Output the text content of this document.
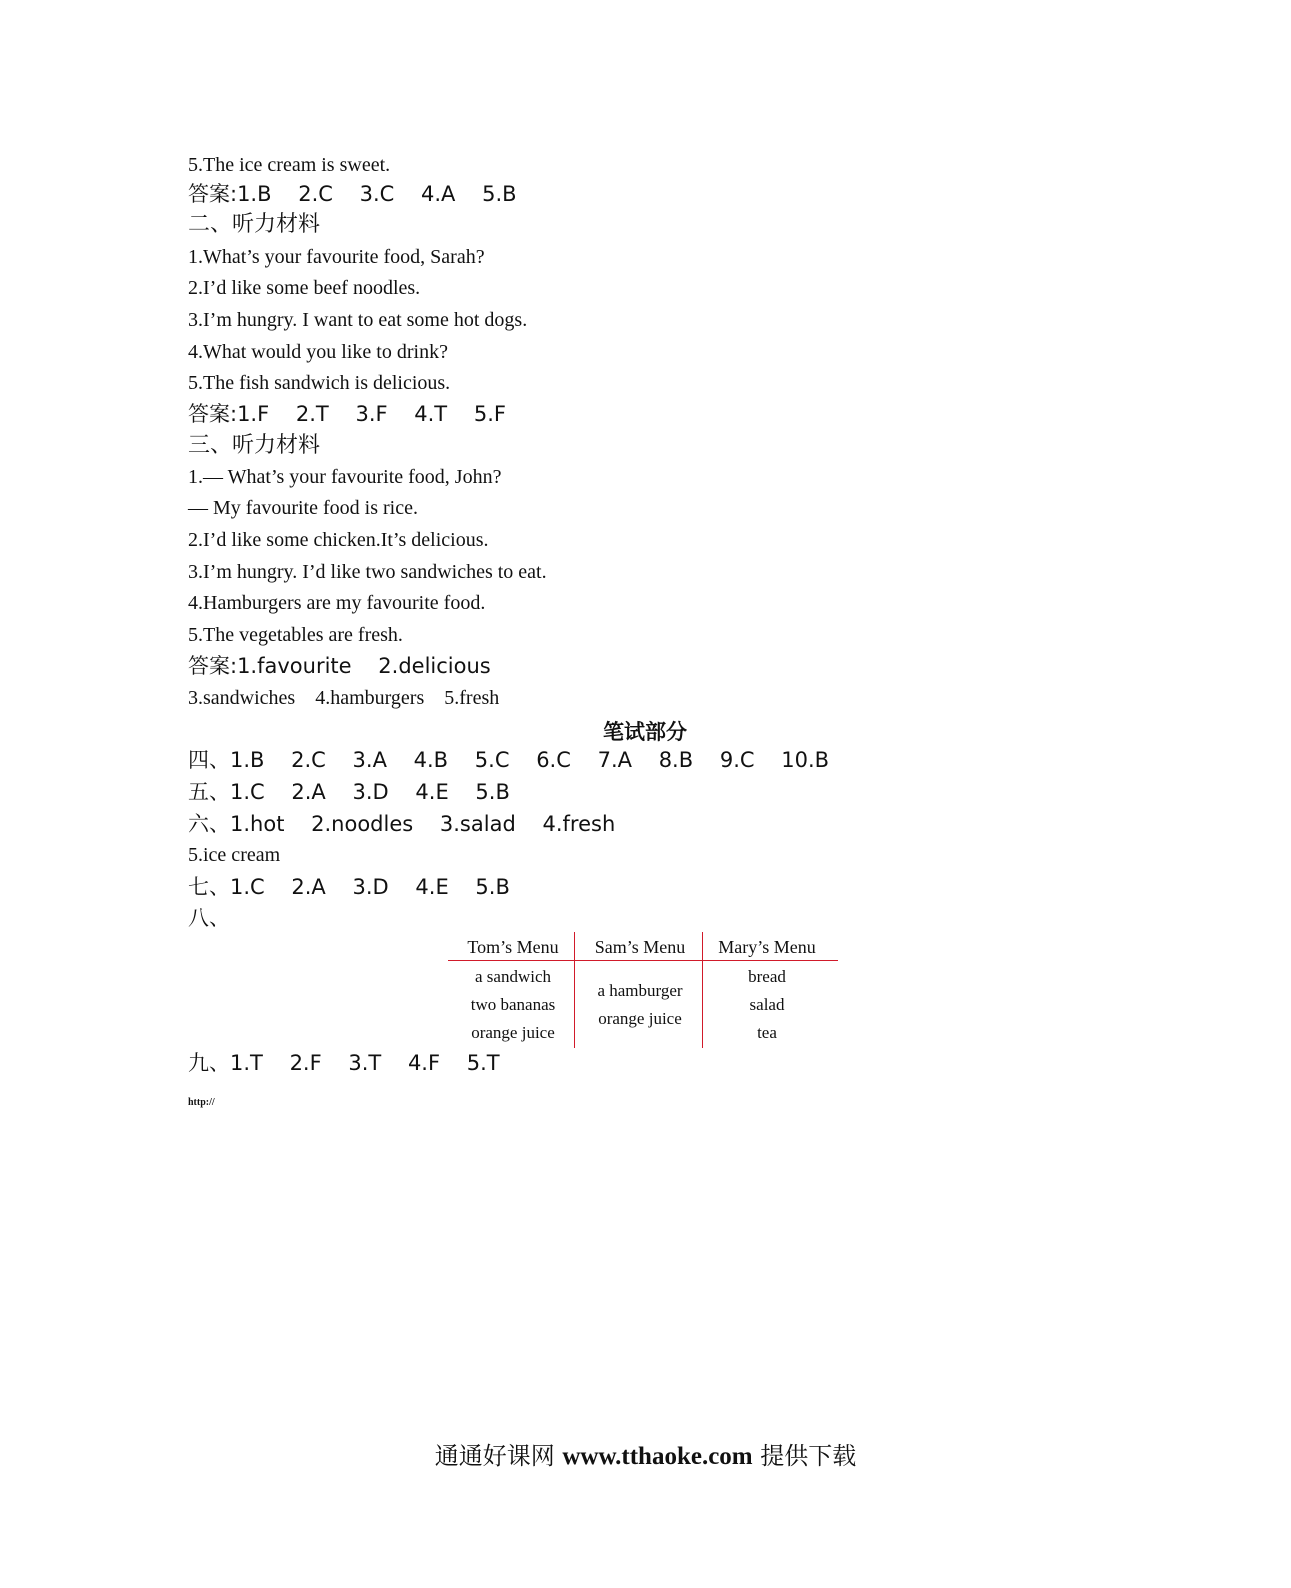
5.The ice cream is sweet.
答案:1.B    2.C    3.C    4.A    5.B
二、听力材料
1.What’s your favourite food, Sarah?
2.I’d like some beef noodles.
3.I’m hungry. I want to eat some hot dogs.
4.What would you like to drink?
5.The fish sandwich is delicious.
答案:1.F    2.T    3.F    4.T    5.F
三、听力材料
1.— What’s your favourite food, John?
— My favourite food is rice.
2.I’d like some chicken.It’s delicious.
3.I’m hungry. I’d like two sandwiches to eat.
4.Hamburgers are my favourite food.
5.The vegetables are fresh.
答案:1.favourite    2.delicious
3.sandwiches    4.hamburgers    5.fresh
笔试部分
四、1.B    2.C    3.A    4.B    5.C    6.C    7.A    8.B    9.C    10.B
五、1.C    2.A    3.D    4.E    5.B
六、1.hot    2.noodles    3.salad    4.fresh
5.ice cream
七、1.C    2.A    3.D    4.E    5.B
八、
Tom’s Menu
a sandwich
two bananas
orange juice
Sam’s Menu
a hamburger
orange juice
Mary’s Menu
bread
salad
tea
九、1.T    2.F    3.T    4.F    5.T
http://
通通好课网 www.tthaoke.com 提供下载
